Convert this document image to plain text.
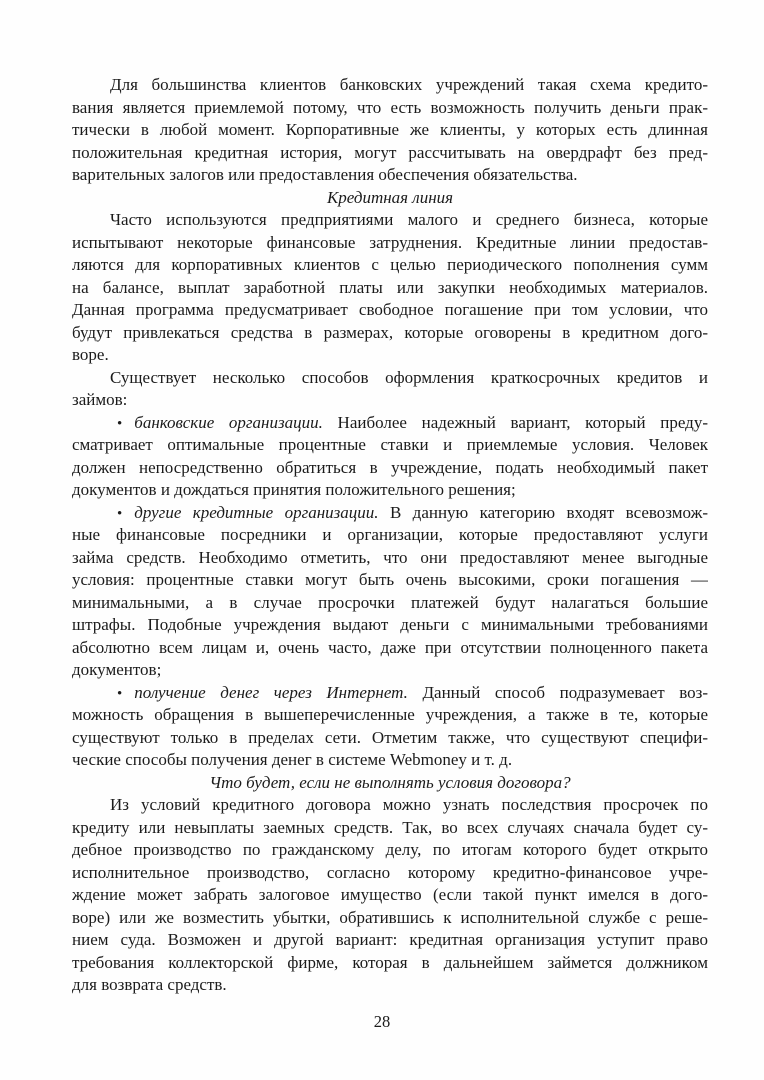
Для большинства клиентов банковских учреждений такая схема кредито-
вания является приемлемой потому, что есть возможность получить деньги прак-
тически в любой момент. Корпоративные же клиенты, у которых есть длинная
положительная кредитная история, могут рассчитывать на овердрафт без пред-
варительных залогов или предоставления обеспечения обязательства.
Кредитная линия
Часто используются предприятиями малого и среднего бизнеса, которые
испытывают некоторые финансовые затруднения. Кредитные линии предостав-
ляются для корпоративных клиентов с целью периодического пополнения сумм
на балансе, выплат заработной платы или закупки необходимых материалов.
Данная программа предусматривает свободное погашение при том условии, что
будут привлекаться средства в размерах, которые оговорены в кредитном дого-
воре.
Существует несколько способов оформления краткосрочных кредитов и
займов:
• банковские организации. Наиболее надежный вариант, который преду-
сматривает оптимальные процентные ставки и приемлемые условия. Человек
должен непосредственно обратиться в учреждение, подать необходимый пакет
документов и дождаться принятия положительного решения;
• другие кредитные организации. В данную категорию входят всевозмож-
ные финансовые посредники и организации, которые предоставляют услуги
займа средств. Необходимо отметить, что они предоставляют менее выгодные
условия: процентные ставки могут быть очень высокими, сроки погашения —
минимальными, а в случае просрочки платежей будут налагаться большие
штрафы. Подобные учреждения выдают деньги с минимальными требованиями
абсолютно всем лицам и, очень часто, даже при отсутствии полноценного пакета
документов;
• получение денег через Интернет. Данный способ подразумевает воз-
можность обращения в вышеперечисленные учреждения, а также в те, которые
существуют только в пределах сети. Отметим также, что существуют специфи-
ческие способы получения денег в системе Webmoney и т. д.
Что будет, если не выполнять условия договора?
Из условий кредитного договора можно узнать последствия просрочек по
кредиту или невыплаты заемных средств. Так, во всех случаях сначала будет су-
дебное производство по гражданскому делу, по итогам которого будет открыто
исполнительное производство, согласно которому кредитно-финансовое учре-
ждение может забрать залоговое имущество (если такой пункт имелся в дого-
воре) или же возместить убытки, обратившись к исполнительной службе с реше-
нием суда. Возможен и другой вариант: кредитная организация уступит право
требования коллекторской фирме, которая в дальнейшем займется должником
для возврата средств.
28
